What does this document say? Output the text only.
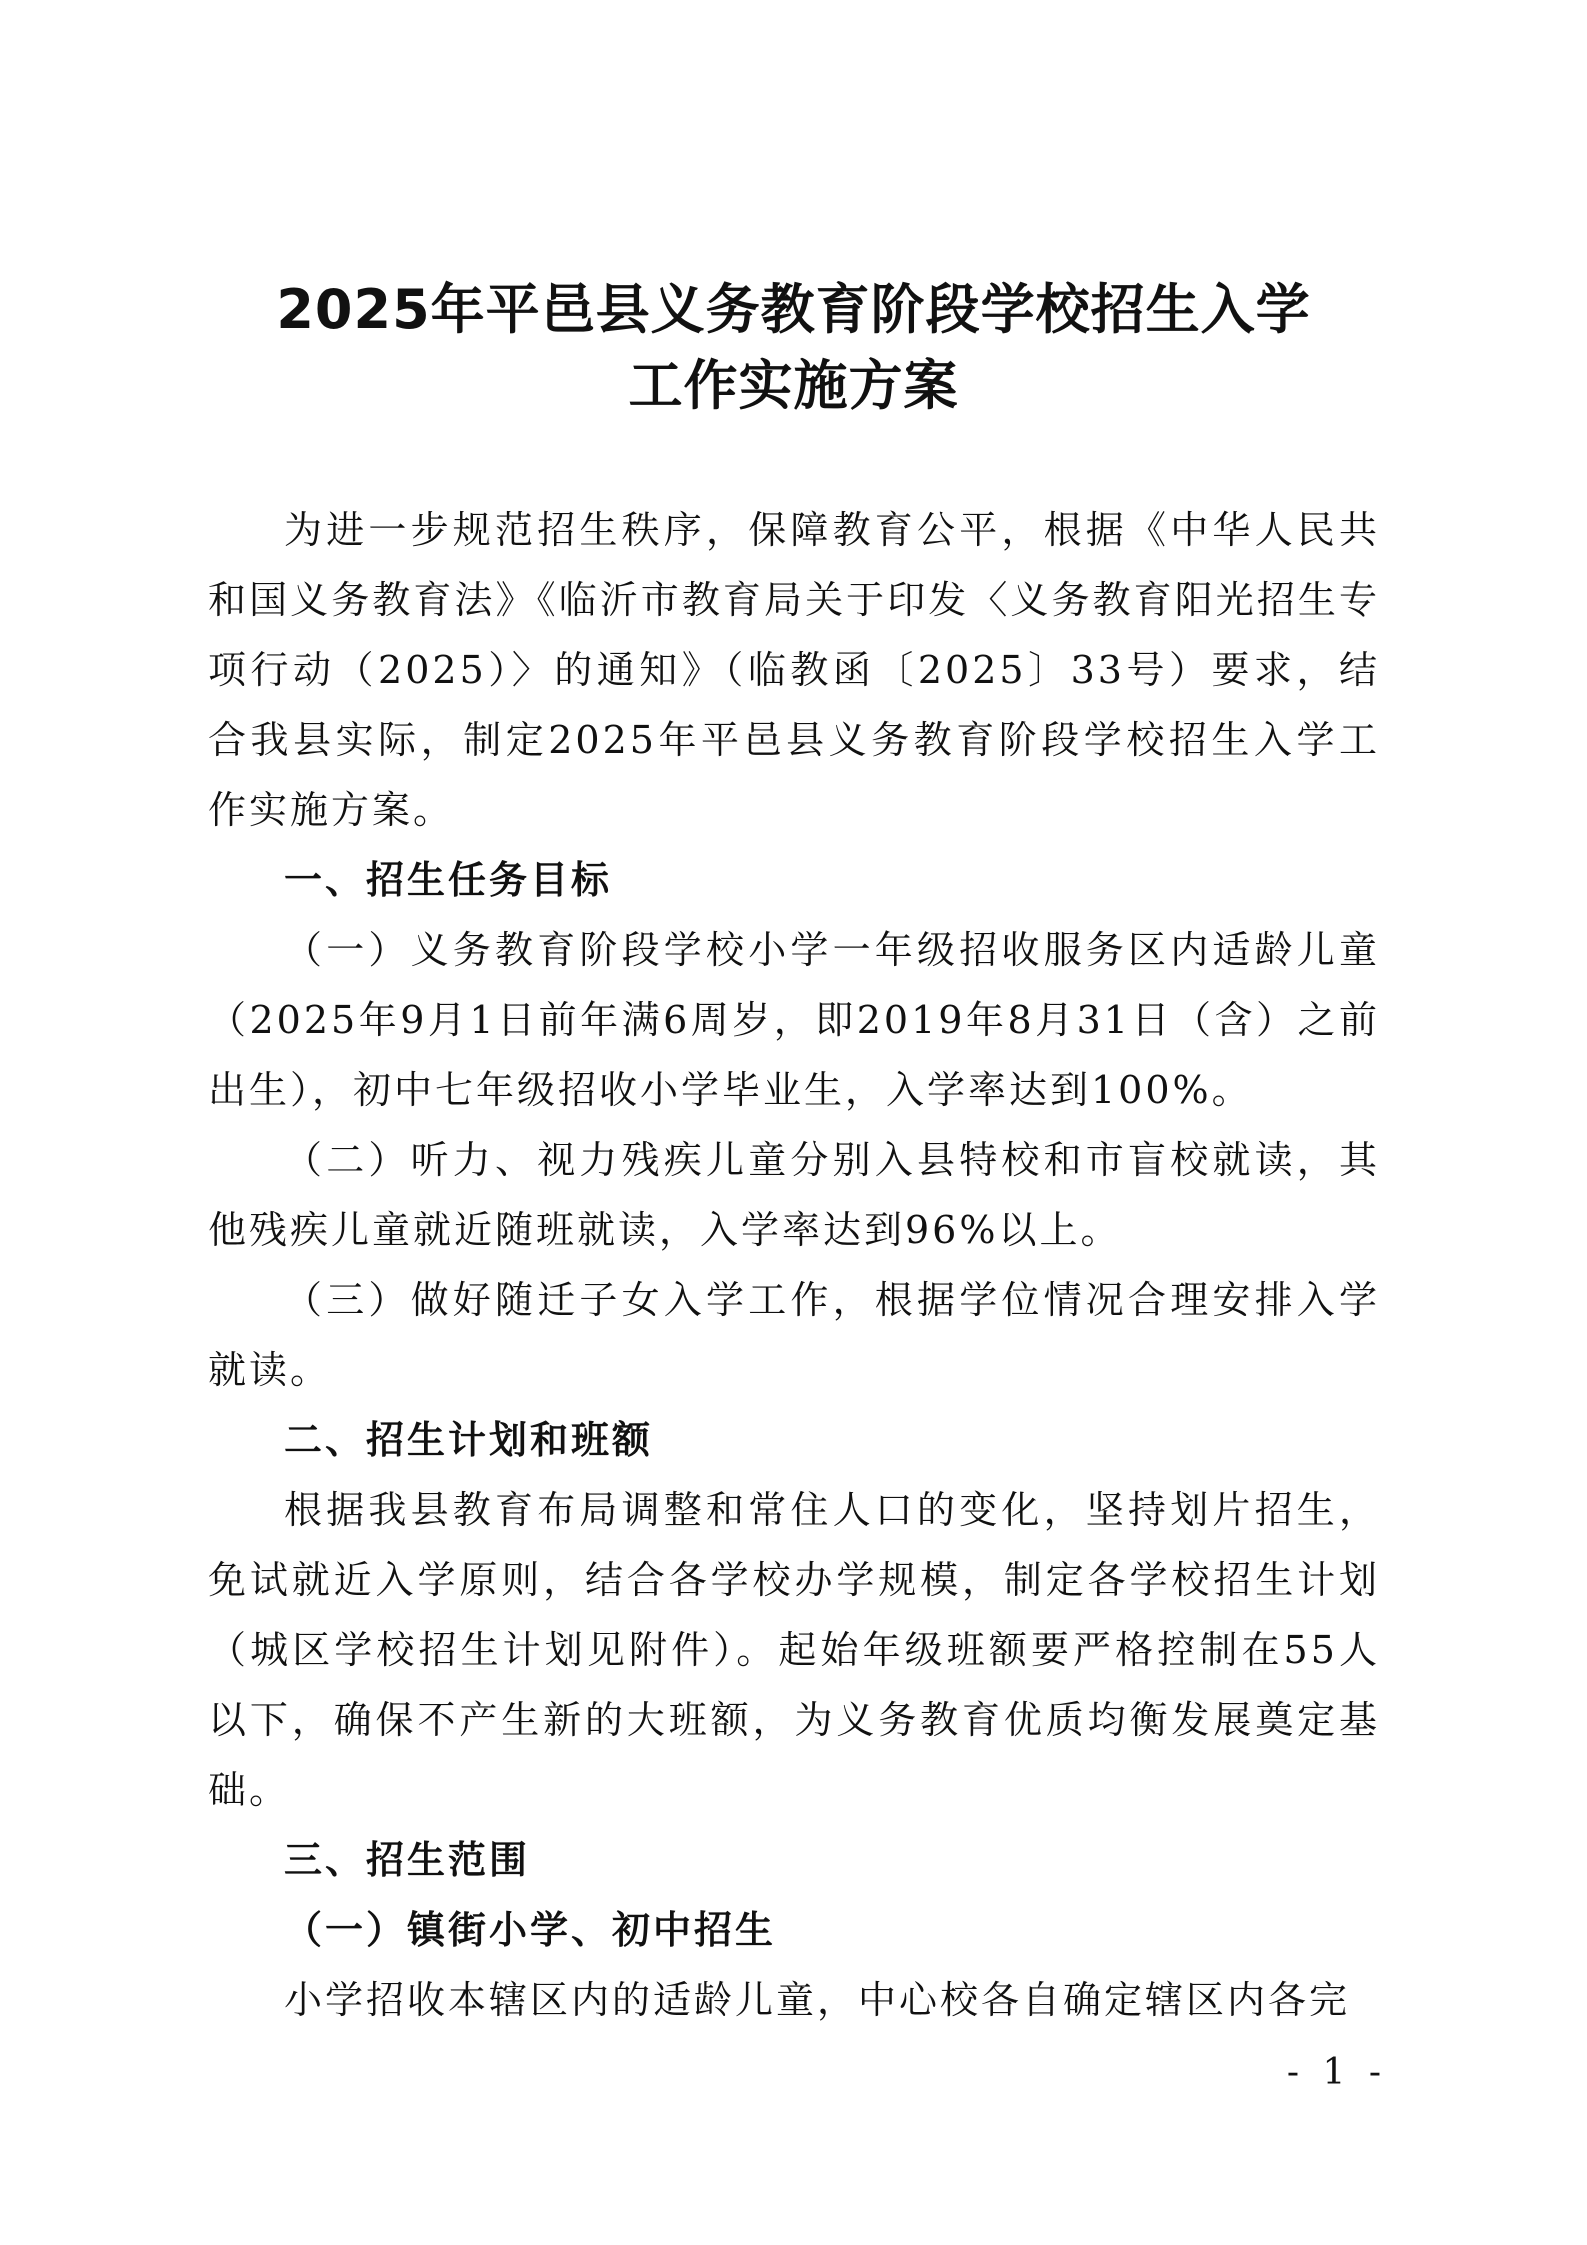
2025年平邑县义务教育阶段学校招生入学
工作实施方案

为进一步规范招生秩序，保障教育公平，根据《中华人民共和国义务教育法》《临沂市教育局关于印发〈义务教育阳光招生专项行动（2025）〉的通知》（临教函〔2025〕33号）要求，结合我县实际，制定2025年平邑县义务教育阶段学校招生入学工作实施方案。

一、招生任务目标

（一）义务教育阶段学校小学一年级招收服务区内适龄儿童（2025年9月1日前年满6周岁，即2019年8月31日（含）之前出生），初中七年级招收小学毕业生，入学率达到100%。

（二）听力、视力残疾儿童分别入县特校和市盲校就读，其他残疾儿童就近随班就读，入学率达到96%以上。

（三）做好随迁子女入学工作，根据学位情况合理安排入学就读。

二、招生计划和班额

根据我县教育布局调整和常住人口的变化，坚持划片招生，免试就近入学原则，结合各学校办学规模，制定各学校招生计划（城区学校招生计划见附件）。起始年级班额要严格控制在55人以下，确保不产生新的大班额，为义务教育优质均衡发展奠定基础。

三、招生范围
（一）镇街小学、初中招生

小学招收本辖区内的适龄儿童，中心校各自确定辖区内各完

- 1 -
